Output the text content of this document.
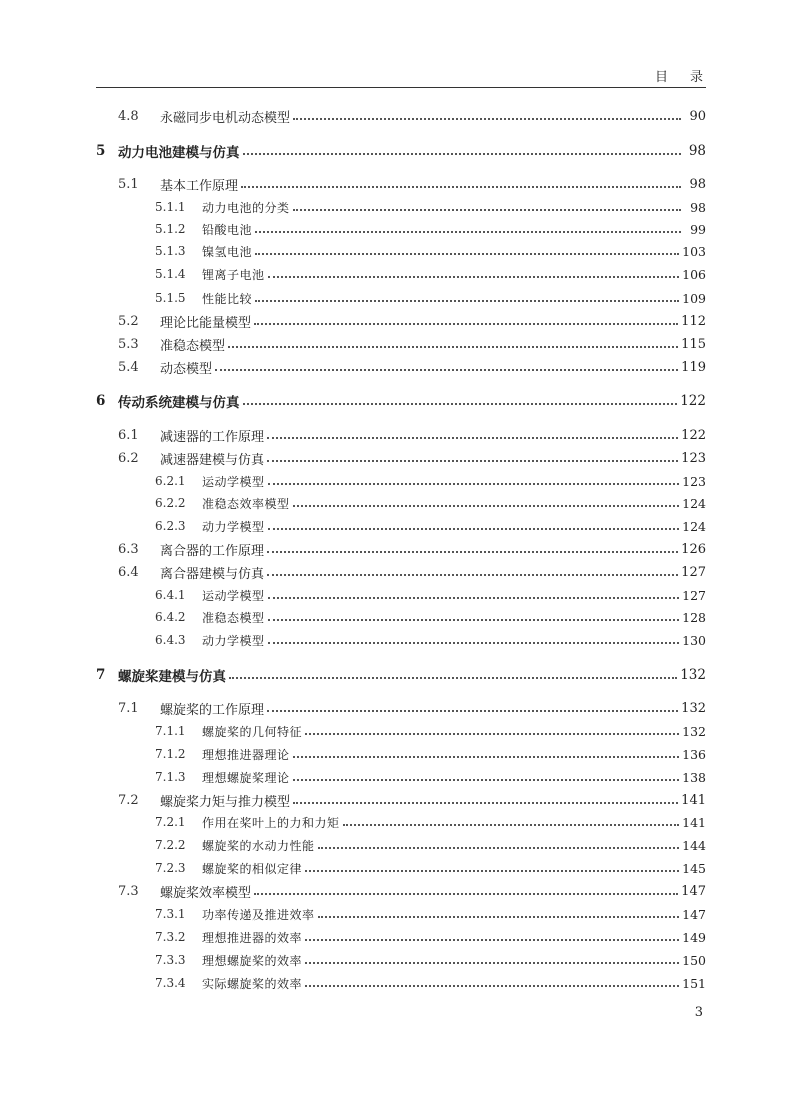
目 录
4.8	永磁同步电机动态模型	90
5 动力电池建模与仿真	98
5.1	基本工作原理	98
5.1.1	动力电池的分类	98
5.1.2	铅酸电池	99
5.1.3	镍氢电池	103
5.1.4	锂离子电池	106
5.1.5	性能比较	109
5.2	理论比能量模型	112
5.3	准稳态模型	115
5.4	动态模型	119
6 传动系统建模与仿真	122
6.1	减速器的工作原理	122
6.2	减速器建模与仿真	123
6.2.1	运动学模型	123
6.2.2	准稳态效率模型	124
6.2.3	动力学模型	124
6.3	离合器的工作原理	126
6.4	离合器建模与仿真	127
6.4.1	运动学模型	127
6.4.2	准稳态模型	128
6.4.3	动力学模型	130
7 螺旋桨建模与仿真	132
7.1	螺旋桨的工作原理	132
7.1.1	螺旋桨的几何特征	132
7.1.2	理想推进器理论	136
7.1.3	理想螺旋桨理论	138
7.2	螺旋桨力矩与推力模型	141
7.2.1	作用在桨叶上的力和力矩	141
7.2.2	螺旋桨的水动力性能	144
7.2.3	螺旋桨的相似定律	145
7.3	螺旋桨效率模型	147
7.3.1	功率传递及推进效率	147
7.3.2	理想推进器的效率	149
7.3.3	理想螺旋桨的效率	150
7.3.4	实际螺旋桨的效率	151
3
